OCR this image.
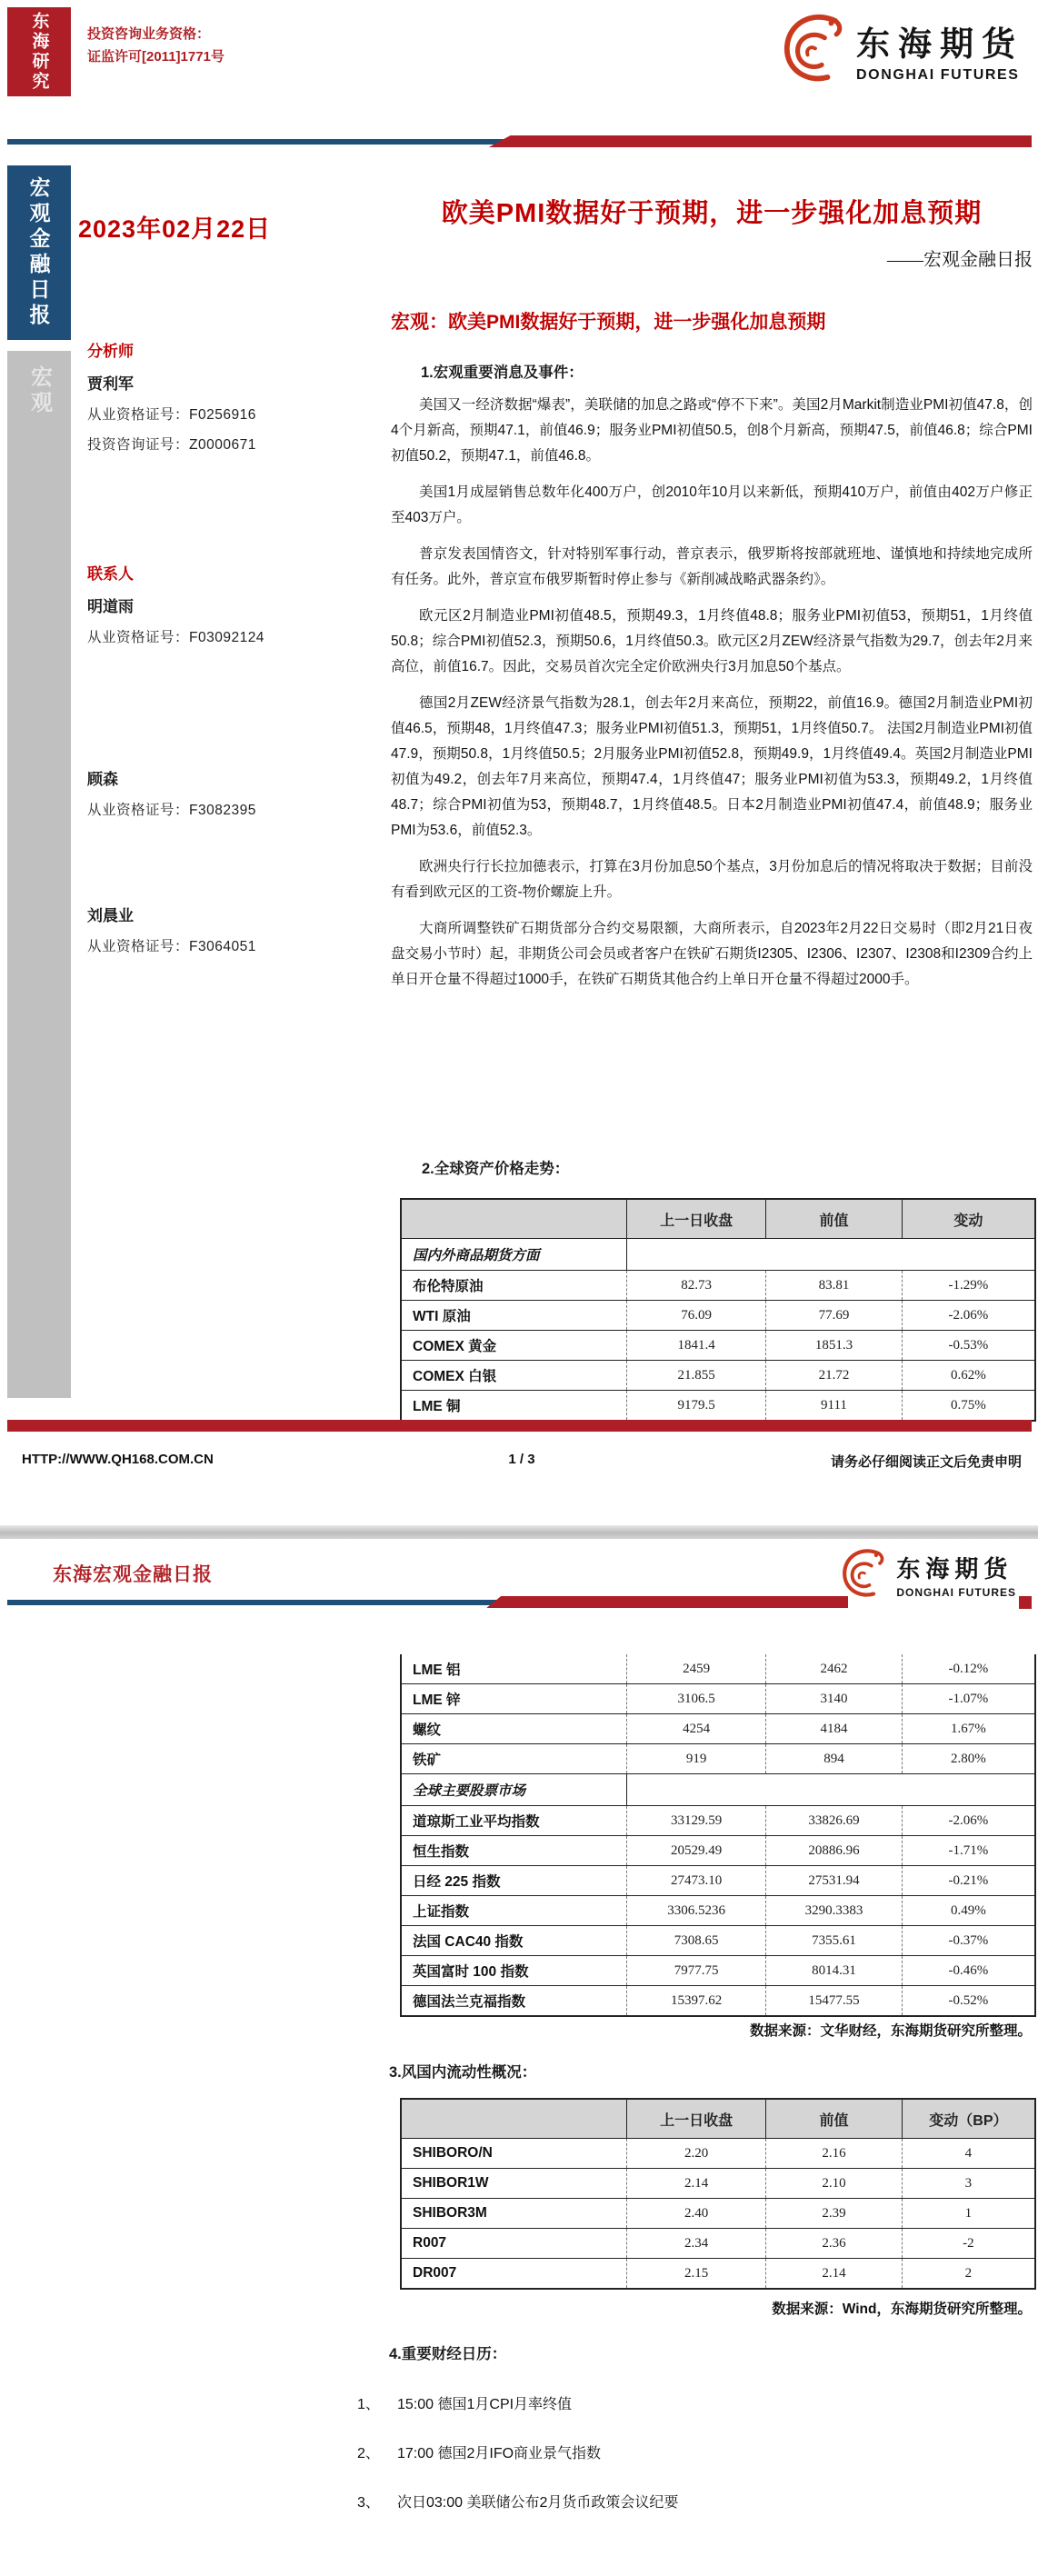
东海研究	投资咨询业务资格：
证监许可[2011]1771号	东海期货
DONGHAI FUTURES
宏观金融日报
宏观
2023年02月22日
分析师
贾利军
从业资格证号：F0256916
投资咨询证号：Z0000671
联系人
明道雨
从业资格证号：F03092124
顾森
从业资格证号：F3082395
刘晨业
从业资格证号：F3064051
欧美PMI数据好于预期，进一步强化加息预期
——宏观金融日报
宏观：欧美PMI数据好于预期，进一步强化加息预期
1.宏观重要消息及事件：

美国又一经济数据“爆表”，美联储的加息之路或“停不下来”。美国2月Markit制造业PMI初值47.8，创4个月新高，预期47.1，前值46.9；服务业PMI初值50.5，创8个月新高，预期47.5，前值46.8；综合PMI初值50.2，预期47.1，前值46.8。

美国1月成屋销售总数年化400万户，创2010年10月以来新低，预期410万户，前值由402万户修正至403万户。

普京发表国情咨文，针对特别军事行动，普京表示，俄罗斯将按部就班地、谨慎地和持续地完成所有任务。此外，普京宣布俄罗斯暂时停止参与《新削减战略武器条约》。

欧元区2月制造业PMI初值48.5，预期49.3，1月终值48.8；服务业PMI初值53，预期51，1月终值50.8；综合PMI初值52.3，预期50.6，1月终值50.3。欧元区2月ZEW经济景气指数为29.7，创去年2月来高位，前值16.7。因此，交易员首次完全定价欧洲央行3月加息50个基点。

德国2月ZEW经济景气指数为28.1，创去年2月来高位，预期22，前值16.9。德国2月制造业PMI初值46.5，预期48，1月终值47.3；服务业PMI初值51.3，预期51，1月终值50.7。 法国2月制造业PMI初值47.9，预期50.8，1月终值50.5；2月服务业PMI初值52.8，预期49.9，1月终值49.4。英国2月制造业PMI初值为49.2，创去年7月来高位，预期47.4，1月终值47；服务业PMI初值为53.3，预期49.2，1月终值48.7；综合PMI初值为53，预期48.7，1月终值48.5。日本2月制造业PMI初值47.4，前值48.9；服务业PMI为53.6，前值52.3。

欧洲央行行长拉加德表示，打算在3月份加息50个基点，3月份加息后的情况将取决于数据；目前没有看到欧元区的工资-物价螺旋上升。

大商所调整铁矿石期货部分合约交易限额，大商所表示，自2023年2月22日交易时（即2月21日夜盘交易小节时）起，非期货公司会员或者客户在铁矿石期货I2305、I2306、I2307、I2308和I2309合约上单日开仓量不得超过1000手，在铁矿石期货其他合约上单日开仓量不得超过2000手。

2.全球资产价格走势：
上一日收盘	前值	变动
国内外商品期货方面
布伦特原油	82.73	83.81	-1.29%
WTI 原油	76.09	77.69	-2.06%
COMEX 黄金	1841.4	1851.3	-0.53%
COMEX 白银	21.855	21.72	0.62%
LME 铜	9179.5	9111	0.75%
HTTP://WWW.QH168.COM.CN	1 / 3	请务必仔细阅读正文后免责申明
东海宏观金融日报	东海期货
DONGHAI FUTURES
LME 铝	2459	2462	-0.12%
LME 锌	3106.5	3140	-1.07%
螺纹	4254	4184	1.67%
铁矿	919	894	2.80%
全球主要股票市场
道琼斯工业平均指数	33129.59	33826.69	-2.06%
恒生指数	20529.49	20886.96	-1.71%
日经 225 指数	27473.10	27531.94	-0.21%
上证指数	3306.5236	3290.3383	0.49%
法国 CAC40 指数	7308.65	7355.61	-0.37%
英国富时 100 指数	7977.75	8014.31	-0.46%
德国法兰克福指数	15397.62	15477.55	-0.52%
数据来源：文华财经，东海期货研究所整理。
3.风国内流动性概况：
上一日收盘	前值	变动（BP）
SHIBORO/N	2.20	2.16	4
SHIBOR1W	2.14	2.10	3
SHIBOR3M	2.40	2.39	1
R007	2.34	2.36	-2
DR007	2.15	2.14	2
数据来源：Wind，东海期货研究所整理。
4.重要财经日历：
1、	15:00 德国1月CPI月率终值
2、	17:00 德国2月IFO商业景气指数
3、	次日03:00 美联储公布2月货币政策会议纪要
